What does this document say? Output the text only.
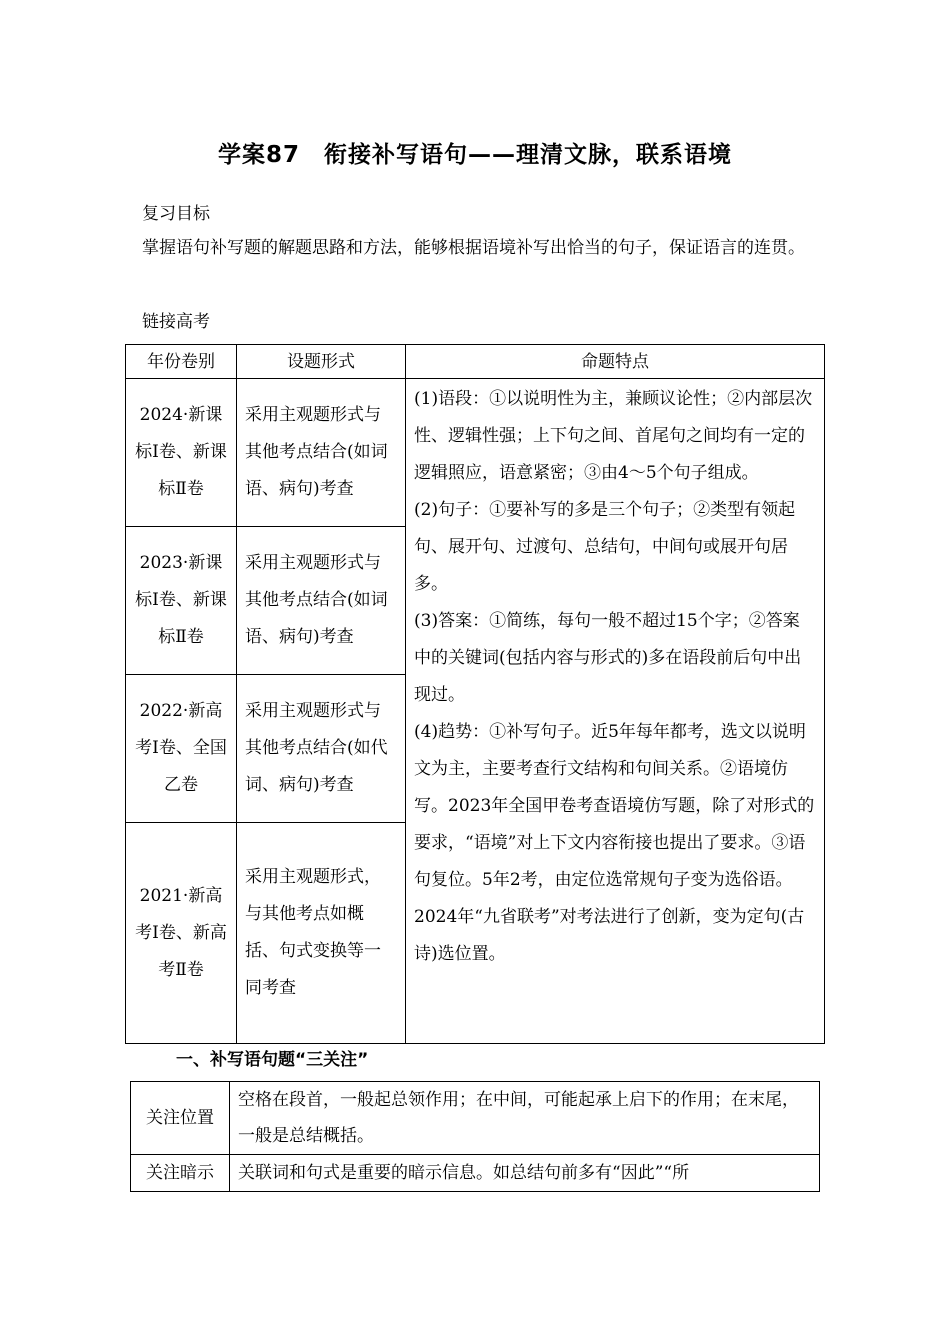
学案87　衔接补写语句——理清文脉，联系语境
复习目标
掌握语句补写题的解题思路和方法，能够根据语境补写出恰当的句子，保证语言的连贯。
链接高考
年份卷别	设题形式	命题特点
2024·新课标Ⅰ卷、新课标Ⅱ卷	采用主观题形式与其他考点结合(如词语、病句)考查	(1)语段：①以说明性为主，兼顾议论性；②内部层次性、逻辑性强；上下句之间、首尾句之间均有一定的逻辑照应，语意紧密；③由4～5个句子组成。

(2)句子：①要补写的多是三个句子；②类型有领起句、展开句、过渡句、总结句，中间句或展开句居多。

(3)答案：①简练，每句一般不超过15个字；②答案中的关键词(包括内容与形式的)多在语段前后句中出现过。

(4)趋势：①补写句子。近5年每年都考，选文以说明文为主，主要考查行文结构和句间关系。②语境仿写。2023年全国甲卷考查语境仿写题，除了对形式的要求，“语境”对上下文内容衔接也提出了要求。③语句复位。5年2考，由定位选常规句子变为选俗语。2024年“九省联考”对考法进行了创新，变为定句(古诗)选位置。

2023·新课标Ⅰ卷、新课标Ⅱ卷	采用主观题形式与其他考点结合(如词语、病句)考查	
2022·新高考Ⅰ卷、全国乙卷	采用主观题形式与其他考点结合(如代词、病句)考查	
2021·新高考Ⅰ卷、新高考Ⅱ卷	采用主观题形式，与其他考点如概括、句式变换等一同考查	
一、补写语句题“三关注”
关注位置	空格在段首，一般起总领作用；在中间，可能起承上启下的作用；在末尾，一般是总结概括。
关注暗示	关联词和句式是重要的暗示信息。如总结句前多有“因此”“所
